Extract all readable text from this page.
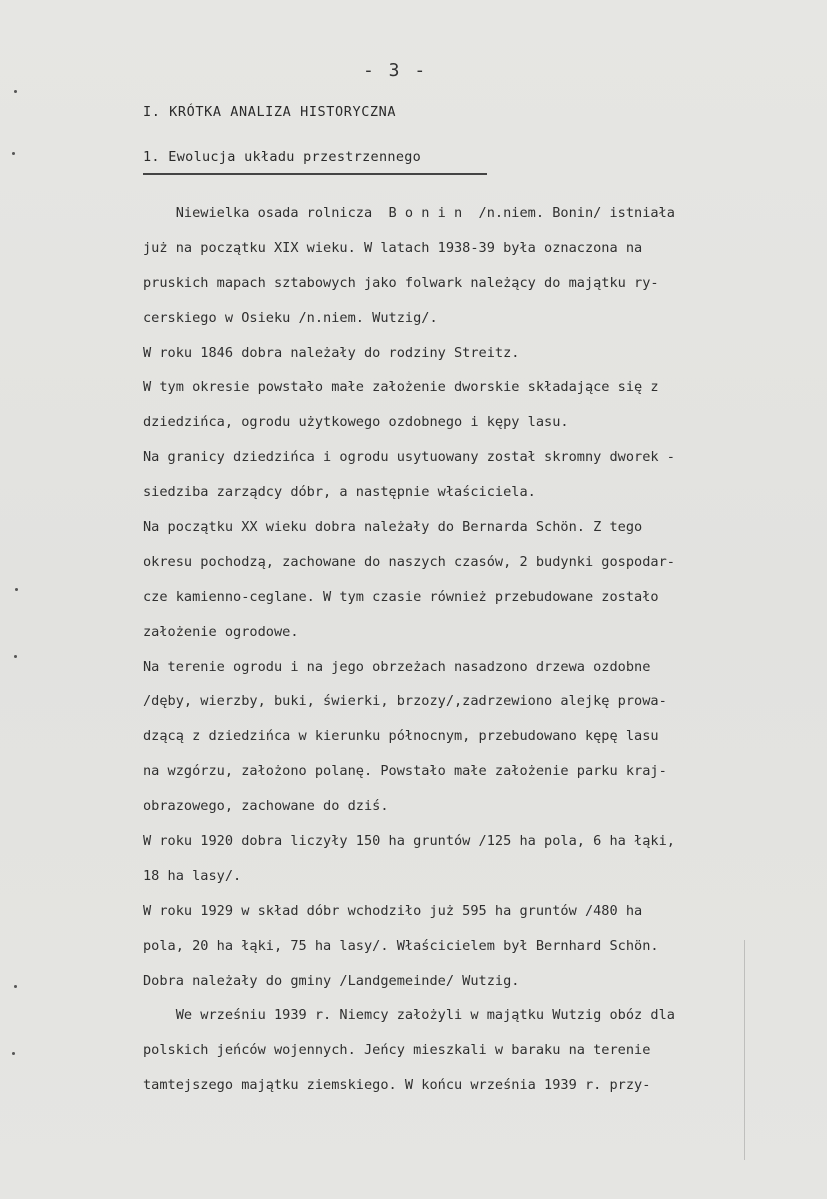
- 3 -
I. KRÓTKA ANALIZA HISTORYCZNA
1. Ewolucja układu przestrzennego
Niewielka osada rolnicza  B o n i n  /n.niem. Bonin/ istniała
już na początku XIX wieku. W latach 1938-39 była oznaczona na
pruskich mapach sztabowych jako folwark należący do majątku ry-
cerskiego w Osieku /n.niem. Wutzig/.
W roku 1846 dobra należały do rodziny Streitz.
W tym okresie powstało małe założenie dworskie składające się z
dziedzińca, ogrodu użytkowego ozdobnego i kępy lasu.
Na granicy dziedzińca i ogrodu usytuowany został skromny dworek -
siedziba zarządcy dóbr, a następnie właściciela.
Na początku XX wieku dobra należały do Bernarda Schön. Z tego
okresu pochodzą, zachowane do naszych czasów, 2 budynki gospodar-
cze kamienno-ceglane. W tym czasie również przebudowane zostało
założenie ogrodowe.
Na terenie ogrodu i na jego obrzeżach nasadzono drzewa ozdobne
/dęby, wierzby, buki, świerki, brzozy/,zadrzewiono alejkę prowa-
dzącą z dziedzińca w kierunku północnym, przebudowano kępę lasu
na wzgórzu, założono polanę. Powstało małe założenie parku kraj-
obrazowego, zachowane do dziś.
W roku 1920 dobra liczyły 150 ha gruntów /125 ha pola, 6 ha łąki,
18 ha lasy/.
W roku 1929 w skład dóbr wchodziło już 595 ha gruntów /480 ha
pola, 20 ha łąki, 75 ha lasy/. Właścicielem był Bernhard Schön.
Dobra należały do gminy /Landgemeinde/ Wutzig.
We wrześniu 1939 r. Niemcy założyli w majątku Wutzig obóz dla
polskich jeńców wojennych. Jeńcy mieszkali w baraku na terenie
tamtejszego majątku ziemskiego. W końcu września 1939 r. przy-
